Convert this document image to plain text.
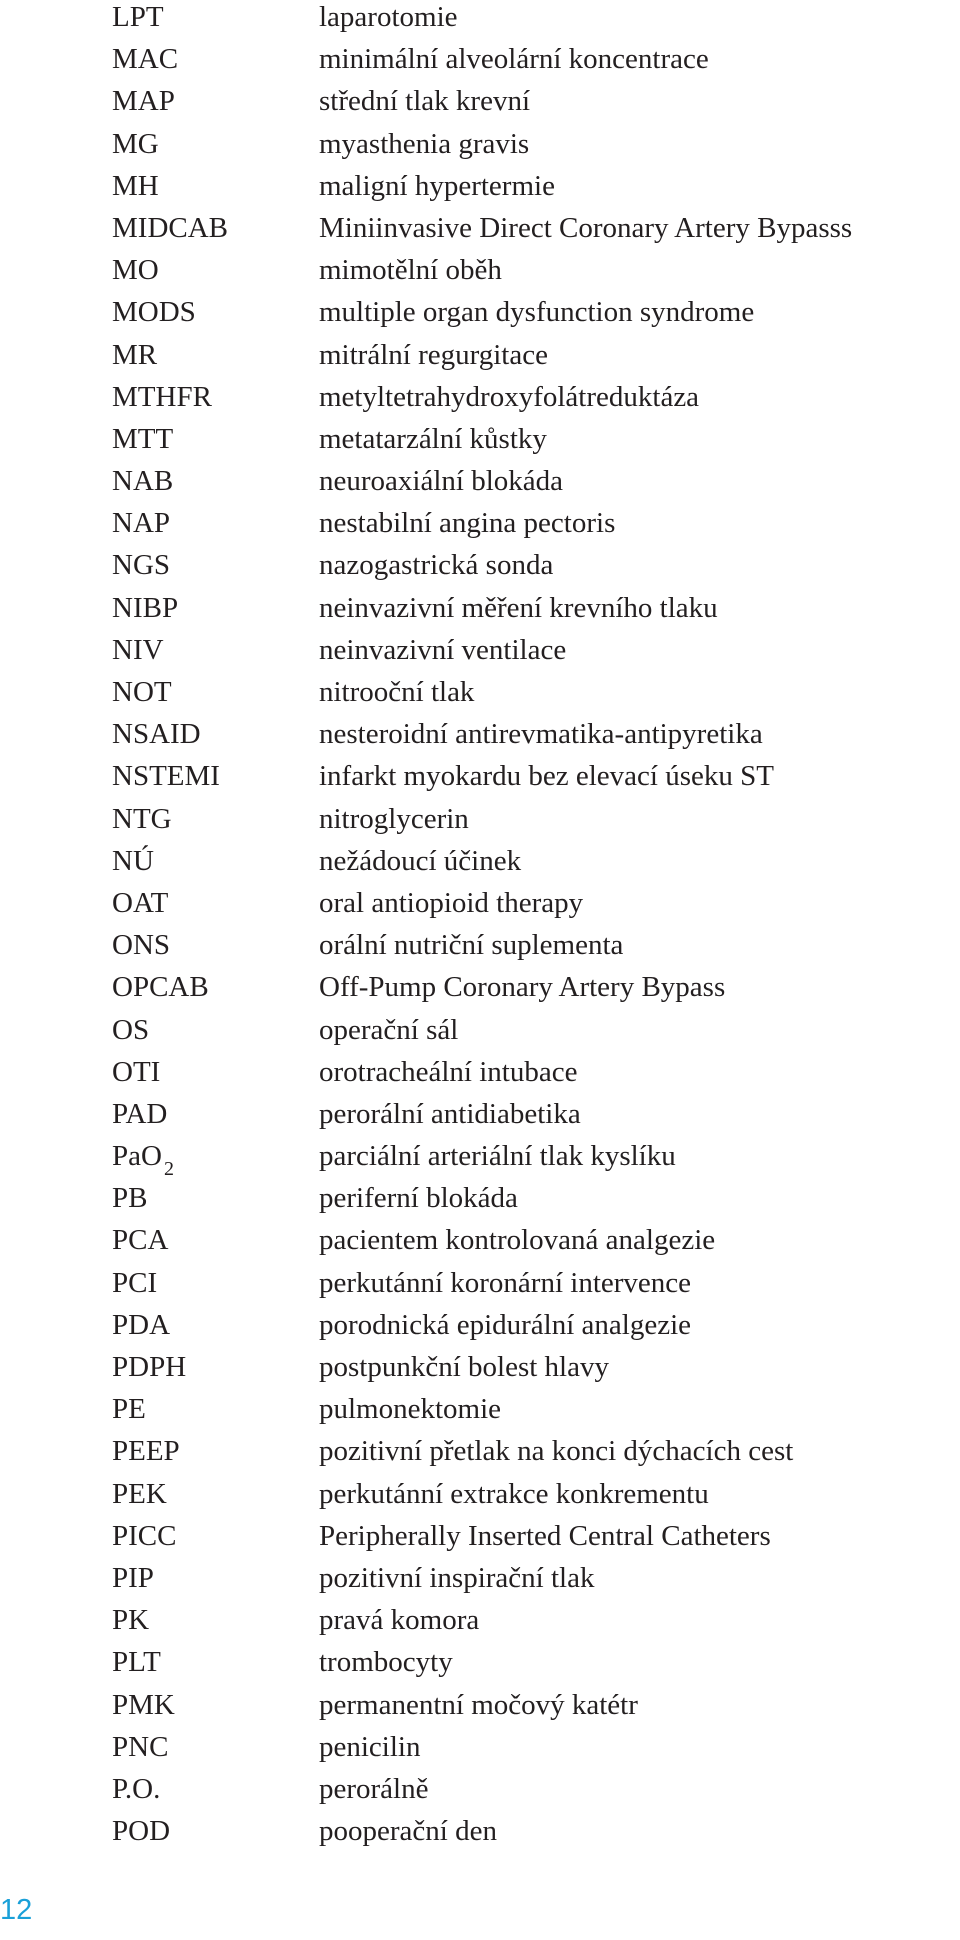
LPT	laparotomie
MAC	minimální alveolární koncentrace
MAP	střední tlak krevní
MG	myasthenia gravis
MH	maligní hypertermie
MIDCAB	Miniinvasive Direct Coronary Artery Bypasss
MO	mimotělní oběh
MODS	multiple organ dysfunction syndrome
MR	mitrální regurgitace
MTHFR	metyltetrahydroxyfolátreduktáza
MTT	metatarzální kůstky
NAB	neuroaxiální blokáda
NAP	nestabilní angina pectoris
NGS	nazogastrická sonda
NIBP	neinvazivní měření krevního tlaku
NIV	neinvazivní ventilace
NOT	nitrooční tlak
NSAID	nesteroidní antirevmatika-antipyretika
NSTEMI	infarkt myokardu bez elevací úseku ST
NTG	nitroglycerin
NÚ	nežádoucí účinek
OAT	oral antiopioid therapy
ONS	orální nutriční suplementa
OPCAB	Off-Pump Coronary Artery Bypass
OS	operační sál
OTI	orotracheální intubace
PAD	perorální antidiabetika
PaO $_2$	parciální arteriální tlak kyslíku
PB	periferní blokáda
PCA	pacientem kontrolovaná analgezie
PCI	perkutánní koronární intervence
PDA	porodnická epidurální analgezie
PDPH	postpunkční bolest hlavy
PE	pulmonektomie
PEEP	pozitivní přetlak na konci dýchacích cest
PEK	perkutánní extrakce konkrementu
PICC	Peripherally Inserted Central Catheters
PIP	pozitivní inspirační tlak
PK	pravá komora
PLT	trombocyty
PMK	permanentní močový katétr
PNC	penicilin
P.O.	perorálně
POD	pooperační den
12
